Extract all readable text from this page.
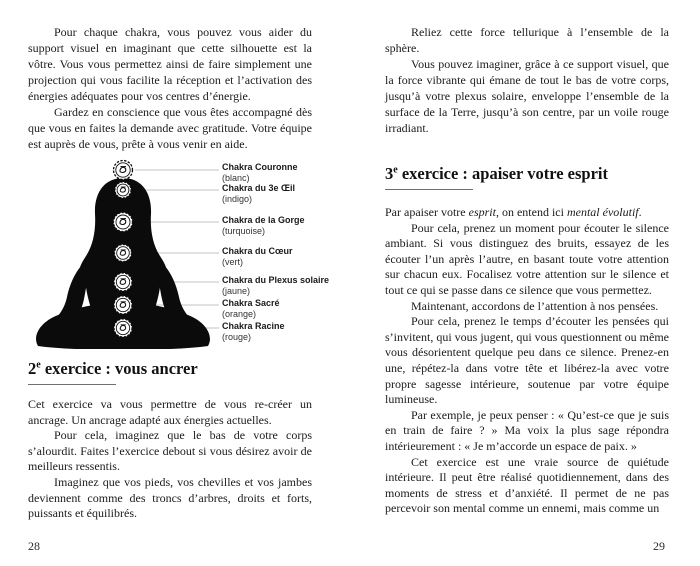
Pour chaque chakra, vous pouvez vous aider du support visuel en imaginant que cette silhouette est la vôtre. Vous vous permettez ainsi de faire simplement une projection qui vous facilite la réception et l’activation des énergies adéquates pour vos centres d’énergie.

Gardez en conscience que vous êtes accompagné dès que vous en faites la demande avec gratitude. Votre équipe est auprès de vous, prête à vous venir en aide.

Chakra Couronne
(blanc)
Chakra du 3e Œil
(indigo)
Chakra de la Gorge
(turquoise)
Chakra du Cœur
(vert)
Chakra du Plexus solaire
(jaune)
Chakra Sacré
(orange)
Chakra Racine
(rouge)
2e exercice : vous ancrer

Cet exercice va vous permettre de vous re-créer un ancrage. Un ancrage adapté aux énergies actuelles.

Pour cela, imaginez que le bas de votre corps s’alourdit. Faites l’exercice debout si vous désirez avoir de meilleurs ressentis.

Imaginez que vos pieds, vos chevilles et vos jambes deviennent comme des troncs d’arbres, droits et forts, puissants et équilibrés.

28

Reliez cette force tellurique à l’ensemble de la sphère.

Vous pouvez imaginer, grâce à ce support visuel, que la force vibrante qui émane de tout le bas de votre corps, jusqu’à votre plexus solaire, enveloppe l’ensemble de la surface de la Terre, jusqu’à son centre, par un voile rouge irradiant.

3e exercice : apaiser votre esprit

Par apaiser votre esprit, on entend ici mental évolutif.

Pour cela, prenez un moment pour écouter le silence ambiant. Si vous distinguez des bruits, essayez de les écouter l’un après l’autre, en basant toute votre attention sur chacun eux. Focalisez votre attention sur le silence et tout ce qui se passe dans ce silence que vous permettez.

Maintenant, accordons de l’attention à nos pensées.

Pour cela, prenez le temps d’écouter les pensées qui s’invitent, qui vous jugent, qui vous questionnent ou même vous désorientent quelque peu dans ce silence. Prenez-en une, répétez-la dans votre tête et libérez-la avec votre propre sagesse intérieure, soutenue par votre équipe lumineuse.

Par exemple, je peux penser : « Qu’est-ce que je suis en train de faire ? » Ma voix la plus sage répondra intérieurement : « Je m’accorde un espace de paix. »

Cet exercice est une vraie source de quiétude intérieure. Il peut être réalisé quotidiennement, dans des moments de stress et d’anxiété. Il permet de ne pas percevoir son mental comme un ennemi, mais comme un

29
